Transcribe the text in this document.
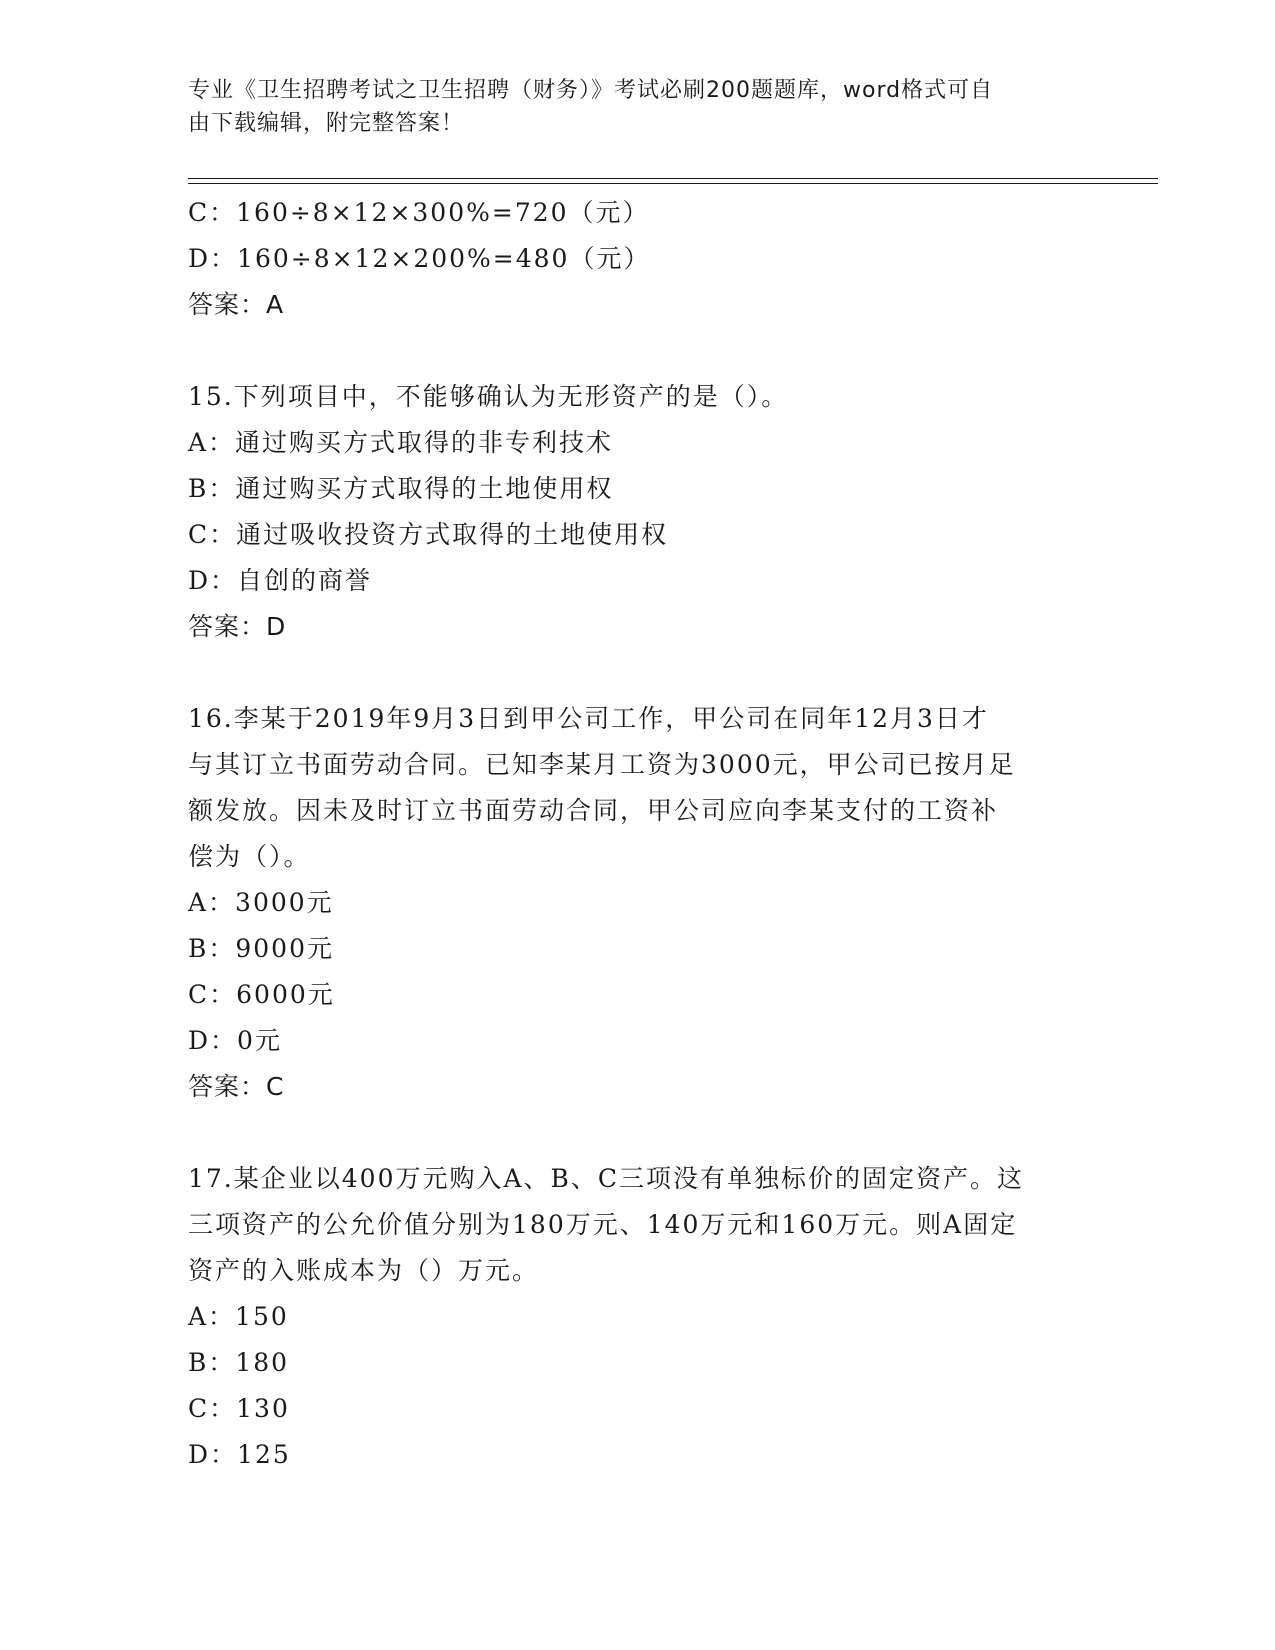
专业《卫生招聘考试之卫生招聘（财务）》考试必刷200题题库，word格式可自
由下载编辑，附完整答案！
C：160÷8×12×300%=720（元）
D：160÷8×12×200%=480（元）
答案：A
15.下列项目中，不能够确认为无形资产的是（）。
A：通过购买方式取得的非专利技术
B：通过购买方式取得的土地使用权
C：通过吸收投资方式取得的土地使用权
D：自创的商誉
答案：D
16.李某于2019年9月3日到甲公司工作，甲公司在同年12月3日才
与其订立书面劳动合同。已知李某月工资为3000元，甲公司已按月足
额发放。因未及时订立书面劳动合同，甲公司应向李某支付的工资补
偿为（）。
A：3000元
B：9000元
C：6000元
D：0元
答案：C
17.某企业以400万元购入A、B、C三项没有单独标价的固定资产。这
三项资产的公允价值分别为180万元、140万元和160万元。则A固定
资产的入账成本为（）万元。
A：150
B：180
C：130
D：125
